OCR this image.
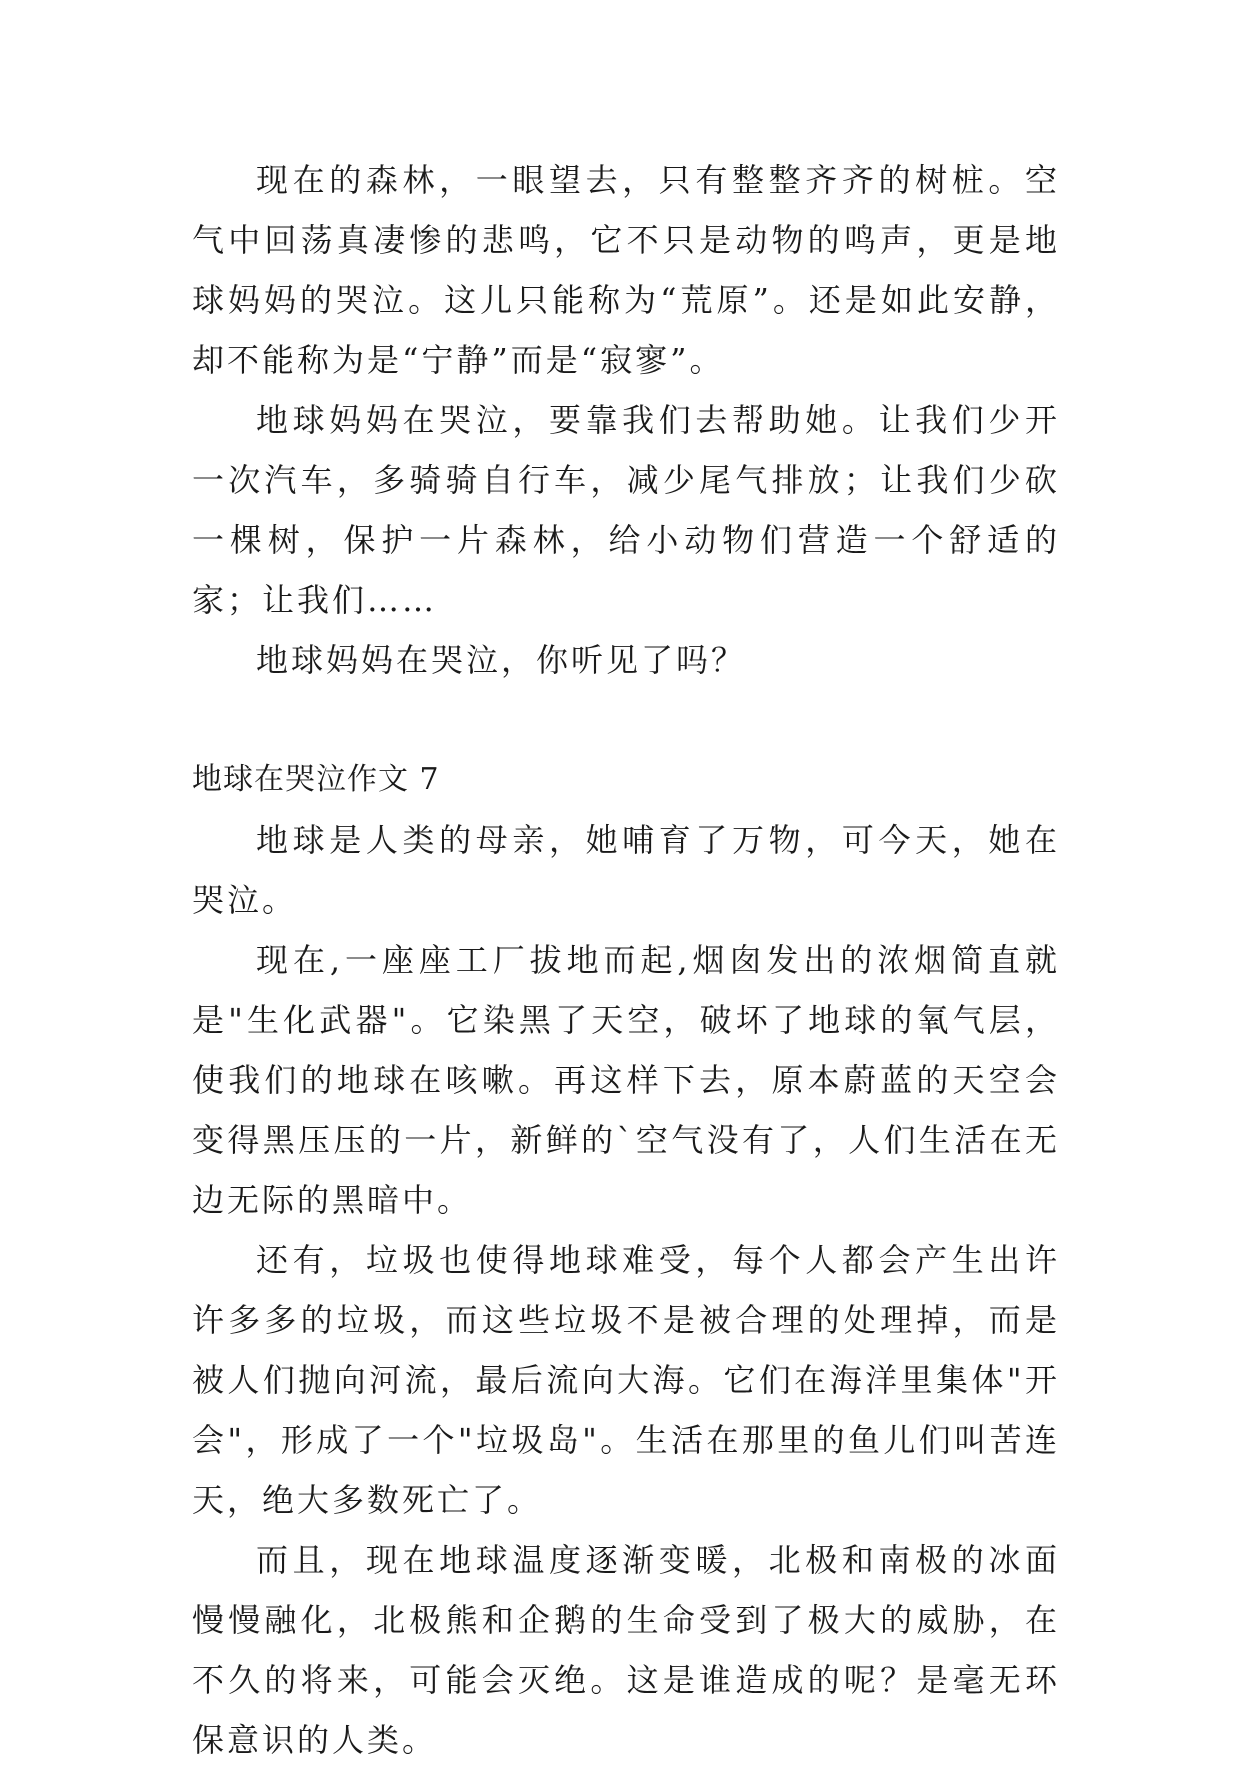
现在的森林，一眼望去，只有整整齐齐的树桩。空气中回荡真凄惨的悲鸣，它不只是动物的鸣声，更是地球妈妈的哭泣。这儿只能称为“荒原”。还是如此安静，却不能称为是“宁静”而是“寂寥”。

地球妈妈在哭泣，要靠我们去帮助她。让我们少开一次汽车，多骑骑自行车，减少尾气排放；让我们少砍一棵树，保护一片森林，给小动物们营造一个舒适的家；让我们……

地球妈妈在哭泣，你听见了吗？

地球在哭泣作文 7

地球是人类的母亲，她哺育了万物，可今天，她在哭泣。

现在,一座座工厂拔地而起,烟囱发出的浓烟简直就是"生化武器"。它染黑了天空，破坏了地球的氧气层，使我们的地球在咳嗽。再这样下去，原本蔚蓝的天空会变得黑压压的一片，新鲜的`空气没有了，人们生活在无边无际的黑暗中。

还有，垃圾也使得地球难受，每个人都会产生出许许多多的垃圾，而这些垃圾不是被合理的处理掉，而是被人们抛向河流，最后流向大海。它们在海洋里集体"开会"，形成了一个"垃圾岛"。生活在那里的鱼儿们叫苦连天，绝大多数死亡了。

而且，现在地球温度逐渐变暖，北极和南极的冰面慢慢融化，北极熊和企鹅的生命受到了极大的威胁，在不久的将来，可能会灭绝。这是谁造成的呢？是毫无环保意识的人类。
